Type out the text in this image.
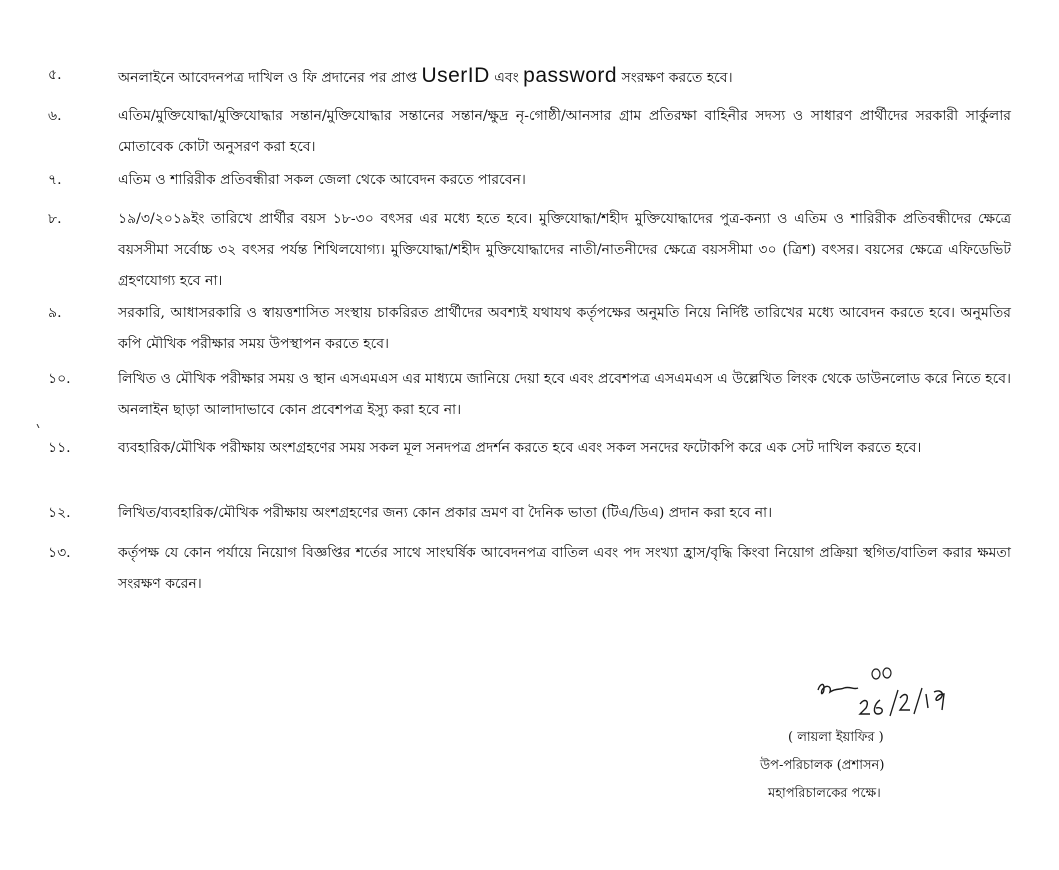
৫.	অনলাইনে আবেদনপত্র দাখিল ও ফি প্রদানের পর প্রাপ্ত UserID এবং password সংরক্ষণ করতে হবে।
৬.	এতিম/মুক্তিযোদ্ধা/মুক্তিযোদ্ধার সন্তান/মুক্তিযোদ্ধার সন্তানের সন্তান/ক্ষুদ্র নৃ-গোষ্ঠী/আনসার গ্রাম প্রতিরক্ষা বাহিনীর সদস্য ও সাধারণ প্রার্থীদের সরকারী সার্কুলার মোতাবেক কোটা অনুসরণ করা হবে।
৭.	এতিম ও শারিরীক প্রতিবন্ধীরা সকল জেলা থেকে আবেদন করতে পারবেন।
৮.	১৯/৩/২০১৯ইং তারিখে প্রার্থীর বয়স ১৮-৩০ বৎসর এর মধ্যে হতে হবে। মুক্তিযোদ্ধা/শহীদ মুক্তিযোদ্ধাদের পুত্র-কন্যা ও এতিম ও শারিরীক প্রতিবন্ধীদের ক্ষেত্রে বয়সসীমা সর্বোচ্চ ৩২ বৎসর পর্যন্ত শিথিলযোগ্য। মুক্তিযোদ্ধা/শহীদ মুক্তিযোদ্ধাদের নাতী/নাতনীদের ক্ষেত্রে বয়সসীমা ৩০ (ত্রিশ) বৎসর। বয়সের ক্ষেত্রে এফিডেভিট গ্রহণযোগ্য হবে না।
৯.	সরকারি, আধাসরকারি ও স্বায়ত্তশাসিত সংস্থায় চাকরিরত প্রার্থীদের অবশ্যই যথাযথ কর্তৃপক্ষের অনুমতি নিয়ে নির্দিষ্ট তারিখের মধ্যে আবেদন করতে হবে। অনুমতির কপি মৌখিক পরীক্ষার সময় উপস্থাপন করতে হবে।
১০.	লিখিত ও মৌখিক পরীক্ষার সময় ও স্থান এসএমএস এর মাধ্যমে জানিয়ে দেয়া হবে এবং প্রবেশপত্র এসএমএস এ উল্লেখিত লিংক থেকে ডাউনলোড করে নিতে হবে। অনলাইন ছাড়া আলাদাভাবে কোন প্রবেশপত্র ইস্যু করা হবে না।
১১.	ব্যবহারিক/মৌখিক পরীক্ষায় অংশগ্রহণের সময় সকল মূল সনদপত্র প্রদর্শন করতে হবে এবং সকল সনদের ফটোকপি করে এক সেট দাখিল করতে হবে।
১২.	লিখিত/ব্যবহারিক/মৌখিক পরীক্ষায় অংশগ্রহণের জন্য কোন প্রকার ভ্রমণ বা দৈনিক ভাতা (টিএ/ডিএ) প্রদান করা হবে না।
১৩.	কর্তৃপক্ষ যে কোন পর্যায়ে নিয়োগ বিজ্ঞপ্তির শর্তের সাথে সাংঘর্ষিক আবেদনপত্র বাতিল এবং পদ সংখ্যা হ্রাস/বৃদ্ধি কিংবা নিয়োগ প্রক্রিয়া স্থগিত/বাতিল করার ক্ষমতা সংরক্ষণ করেন।
( লায়লা ইয়াফির )
উপ-পরিচালক (প্রশাসন)
মহাপরিচালকের পক্ষে।
